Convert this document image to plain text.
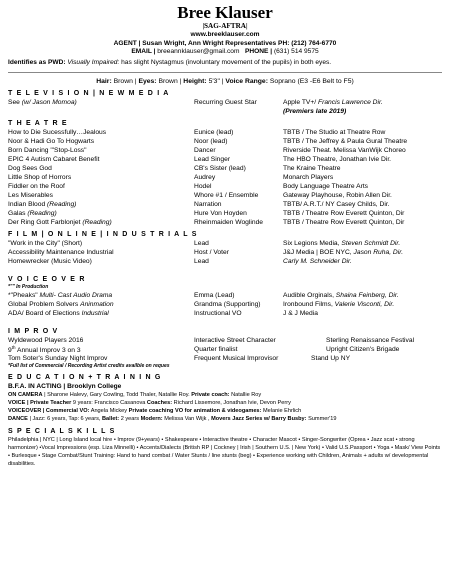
Bree Klauser
|SAG-AFTRA|
www.breeklauser.com
AGENT | Susan Wright, Ann Wright Representatives PH: (212) 764-6770
EMAIL | breeannklauser@gmail.com PHONE | (631) 514 9575
Identifies as PWD: Visually Impaired: has slight Nystagmus (involuntary movement of the pupils) in both eyes.
Hair: Brown | Eyes: Brown | Height: 5'3" | Voice Range: Soprano (E3 -E6 Belt to F5)
T E L E V I S I O N | N E W M E D I A
See (w/ Jason Momoa)	Recurring Guest Star	Apple TV+/ Francis Lawrence Dir.
(Premiers late 2019)
T H E A T R E
How to Die Sucessfully…Jealous	Eunice (lead)	TBTB / The Studio at Theatre Row
Noor & Hadi Go To Hogwarts	Noor (lead)	TBTB / The Jeffrey & Paula Gural Theatre
Born Dancing '"Stop-Loss"	Dancer	Riverside Theat. Melissa VanWijk Choreo
EPIC 4 Autism Cabaret Benefit	Lead Singer	The HBO Theatre, Jonathan Ivie Dir.
Dog Sees God	CB's Sister (lead)	The Kraine Theatre
Little Shop of Horrors	Audrey	Monarch Players
Fiddler on the Roof	Hodel	Body Language Theatre Arts
Les Miserables	Whore #1 / Ensemble	Gateway Playhouse, Robin Allen Dir.
Indian Blood (Reading)	Narration	TBTB/ A.R.T./ NY Casey Childs, Dir.
Galas (Reading)	Hure Von Hoyden	TBTB / Theatre Row Everett Quinton, Dir
Der Ring Gott Farblonjet (Reading)	Rheinmaiden Woglinde	TBTB / Theatre Row Everett Quinton, Dir
F I L M | O N L I N E | I N D U S T R I A L S
"Work in the City" (Short)	Lead	Six Legions Media, Steven Schmidt Dir.
Accessibility Maintenance Industrial	Host / Voter	J&J Media | BOE NYC, Jason Ruha, Dir.
Homewrecker (Music Video)	Lead	Carly M. Schneider Dir.
V O I C E O V E R
*"" In Production
*"Pheaks" Multi- Cast Audio Drama	Emma (Lead)	Audible Orginals, Shaina Feinberg, Dir.
Global Problem Solvers Aninmation	Grandma (Supporting)	Ironbound Films, Valerie Visconti, Dir.
ADA/ Board of Elections Industrial	Instructional VO	J & J Media
I M P R O V
Wyldewood Players 2016	Interactive Street Character	Sterling Renaissance Festival
9th Annual Improv 3 on 3	Quarter finalist	Upright Citizen's Brigade
Tom Soter's Sunday Night Improv	Frequent Musical Improvisor	Stand Up NY
*Full list of Commercial / Recording Artist credits availble on reques
E D U C A T I O N + T R A I N I N G
B.F.A. IN ACTING | Brooklyn College
ON CAMERA | Sharone Halevy, Gary Cowling, Todd Thaler, Natallie Roy. Private coach: Natallie Roy
VOICE | Private Teacher 9 years: Francisco Casanova Coaches: Richard Lissemore, Jonathan Ivie, Devon Perry
VOICEOVER | Commercial VO: Angela Mickey Private coaching VO for animation & videogames: Melanie Ehrlich
DANCE | Jazz: 6 years, Tap: 6 years, Ballet: 2 years Modern: Melissa Van Wijk , Movers Jazz Series w/ Barry Busby: Summer'19
S P E C I A L S K I L L S
Philadelphia | NYC | Long Island local hire • Improv (9+years) • Shakespeare • Interactive theatre • Character Mascot • Singer-Songwriter (Oprea • Jazz scat • strong harmonizer) •Vocal Impressions (esp. Liza Minnelli) • Accents/Dialects (British RP | Cockney | Irish | Southern U.S. | New York) • Valid U.S.Passport • Yoga • Mask/ View Points • Burlesque • Stage Combat/Stunt Training: Hand to hand combat / Water Stunts / line stunts (beg) • Experience working with Children, Animals + adults w/ developmental disabilities.
